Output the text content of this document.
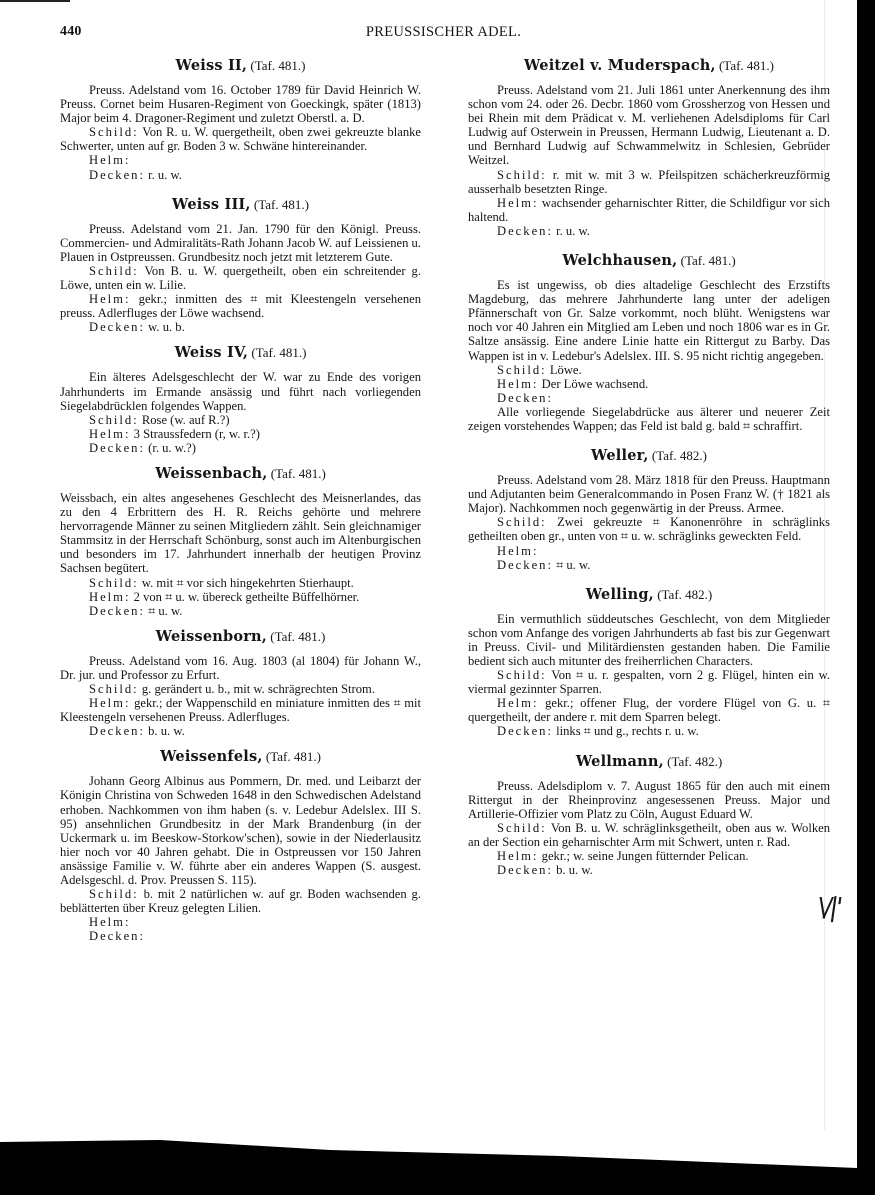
440	PREUSSISCHER ADEL.
Weiss II, (Taf. 481.)

Preuss. Adelstand vom 16. October 1789 für David Heinrich W. Preuss. Cornet beim Husaren-Regiment von Goeckingk, später (1813) Major beim 4. Dragoner-Regiment und zuletzt Oberstl. a. D.

Schild: Von R. u. W. quergetheilt, oben zwei gekreuzte blanke Schwerter, unten auf gr. Boden 3 w. Schwäne hintereinander.

Helm:

Decken: r. u. w.

Weiss III, (Taf. 481.)

Preuss. Adelstand vom 21. Jan. 1790 für den Königl. Preuss. Commercien- und Admiralitäts-Rath Johann Jacob W. auf Leissienen u. Plauen in Ostpreussen. Grundbesitz noch jetzt mit letzterem Gute.

Schild: Von B. u. W. quergetheilt, oben ein schreitender g. Löwe, unten ein w. Lilie.

Helm: gekr.; inmitten des ⌗ mit Kleestengeln versehenen preuss. Adlerfluges der Löwe wachsend.

Decken: w. u. b.

Weiss IV, (Taf. 481.)

Ein älteres Adelsgeschlecht der W. war zu Ende des vorigen Jahrhunderts im Ermande ansässig und führt nach vorliegenden Siegelabdrücklen folgendes Wappen.

Schild: Rose (w. auf R.?)

Helm: 3 Straussfedern (r, w. r.?)

Decken: (r. u. w.?)

Weissenbach, (Taf. 481.)

Weissbach, ein altes angesehenes Geschlecht des Meisnerlandes, das zu den 4 Erbrittern des H. R. Reichs gehörte und mehrere hervorragende Männer zu seinen Mitgliedern zählt. Sein gleichnamiger Stammsitz in der Herrschaft Schönburg, sonst auch im Altenburgischen und besonders im 17. Jahrhundert innerhalb der heutigen Provinz Sachsen begütert.

Schild: w. mit ⌗ vor sich hingekehrten Stierhaupt.

Helm: 2 von ⌗ u. w. übereck getheilte Büffelhörner.

Decken: ⌗ u. w.

Weissenborn, (Taf. 481.)

Preuss. Adelstand vom 16. Aug. 1803 (al 1804) für Johann W., Dr. jur. und Professor zu Erfurt.

Schild: g. gerändert u. b., mit w. schrägrechten Strom.

Helm: gekr.; der Wappenschild en miniature inmitten des ⌗ mit Kleestengeln versehenen Preuss. Adlerfluges.

Decken: b. u. w.

Weissenfels, (Taf. 481.)

Johann Georg Albinus aus Pommern, Dr. med. und Leibarzt der Königin Christina von Schweden 1648 in den Schwedischen Adelstand erhoben. Nachkommen von ihm haben (s. v. Ledebur Adelslex. III S. 95) ansehnlichen Grundbesitz in der Mark Brandenburg (in der Uckermark u. im Beeskow-Storkow'schen), sowie in der Niederlausitz hier noch vor 40 Jahren gehabt. Die in Ostpreussen vor 150 Jahren ansässige Familie v. W. führte aber ein anderes Wappen (S. ausgest. Adelsgeschl. d. Prov. Preussen S. 115).

Schild: b. mit 2 natürlichen w. auf gr. Boden wachsenden g. beblätterten über Kreuz gelegten Lilien.

Helm:

Decken:

Weitzel v. Muderspach, (Taf. 481.)

Preuss. Adelstand vom 21. Juli 1861 unter Anerkennung des ihm schon vom 24. oder 26. Decbr. 1860 vom Grossherzog von Hessen und bei Rhein mit dem Prädicat v. M. verliehenen Adelsdiploms für Carl Ludwig auf Osterwein in Preussen, Hermann Ludwig, Lieutenant a. D. und Bernhard Ludwig auf Schwammelwitz in Schlesien, Gebrüder Weitzel.

Schild: r. mit w. mit 3 w. Pfeilspitzen schächerkreuzförmig ausserhalb besetzten Ringe.

Helm: wachsender geharnischter Ritter, die Schildfigur vor sich haltend.

Decken: r. u. w.

Welchhausen, (Taf. 481.)

Es ist ungewiss, ob dies altadelige Geschlecht des Erzstifts Magdeburg, das mehrere Jahrhunderte lang unter der adeligen Pfännerschaft von Gr. Salze vorkommt, noch blüht. Wenigstens war noch vor 40 Jahren ein Mitglied am Leben und noch 1806 war es in Gr. Saltze ansässig. Eine andere Linie hatte ein Rittergut zu Barby. Das Wappen ist in v. Ledebur's Adelslex. III. S. 95 nicht richtig angegeben.

Schild: Löwe.

Helm: Der Löwe wachsend.

Decken:

Alle vorliegende Siegelabdrücke aus älterer und neuerer Zeit zeigen vorstehendes Wappen; das Feld ist bald g. bald ⌗ schraffirt.

Weller, (Taf. 482.)

Preuss. Adelstand vom 28. März 1818 für den Preuss. Hauptmann und Adjutanten beim Generalcommando in Posen Franz W. († 1821 als Major). Nachkommen noch gegenwärtig in der Preuss. Armee.

Schild: Zwei gekreuzte ⌗ Kanonenröhre in schräglinks getheilten oben gr., unten von ⌗ u. w. schräglinks geweckten Feld.

Helm:

Decken: ⌗ u. w.

Welling, (Taf. 482.)

Ein vermuthlich süddeutsches Geschlecht, von dem Mitglieder schon vom Anfange des vorigen Jahrhunderts ab fast bis zur Gegenwart in Preuss. Civil- und Militärdiensten gestanden haben. Die Familie bedient sich auch mitunter des freiherrlichen Characters.

Schild: Von ⌗ u. r. gespalten, vorn 2 g. Flügel, hinten ein w. viermal gezinnter Sparren.

Helm: gekr.; offener Flug, der vordere Flügel von G. u. ⌗ quergetheilt, der andere r. mit dem Sparren belegt.

Decken: links ⌗ und g., rechts r. u. w.

Wellmann, (Taf. 482.)

Preuss. Adelsdiplom v. 7. August 1865 für den auch mit einem Rittergut in der Rheinprovinz angesessenen Preuss. Major und Artillerie-Offizier vom Platz zu Cöln, August Eduard W.

Schild: Von B. u. W. schräglinksgetheilt, oben aus w. Wolken an der Section ein geharnischter Arm mit Schwert, unten r. Rad.

Helm: gekr.; w. seine Jungen fütternder Pelican.

Decken: b. u. w.

\/|'
